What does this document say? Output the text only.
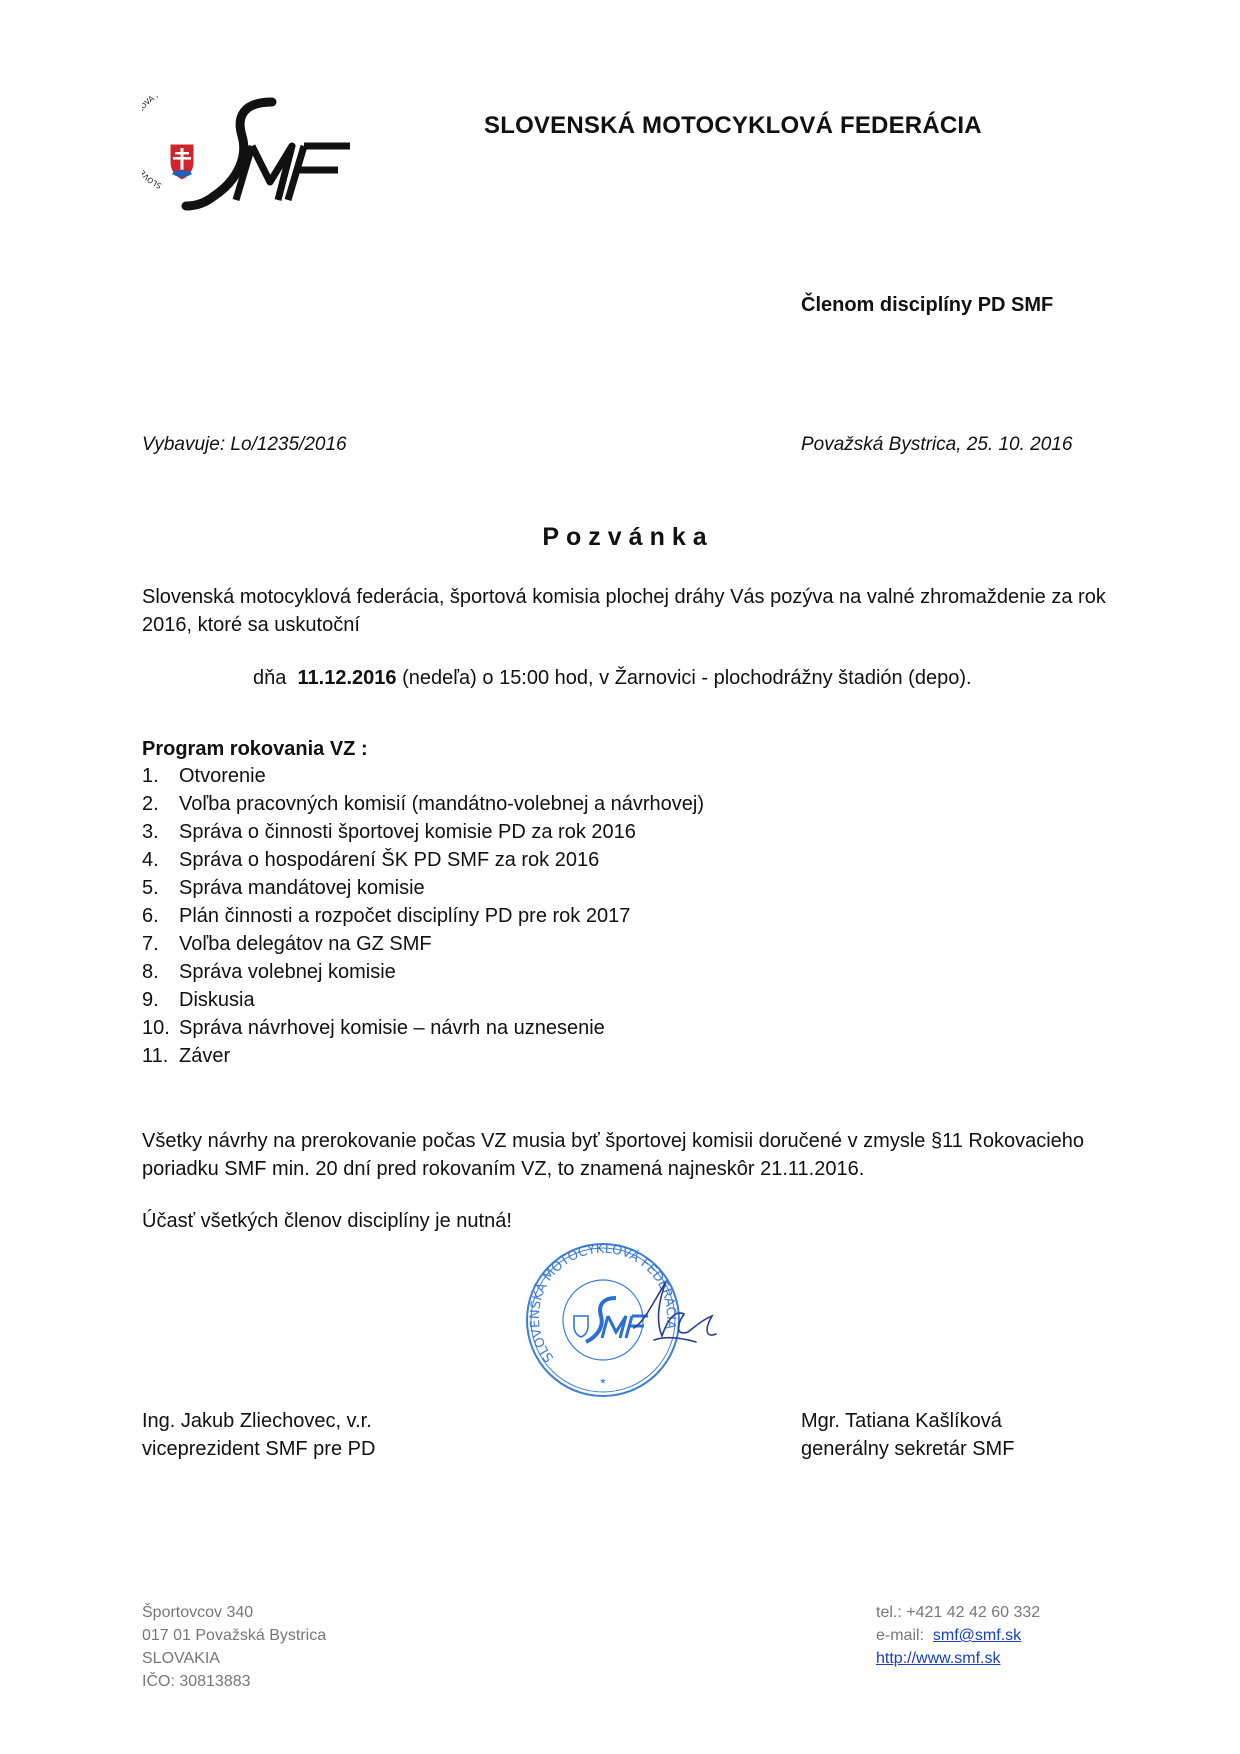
SLOV VÁ
SMF
SLOVENSKÁ MOTOCYKLOVÁ FEDERÁCIA
Členom disciplíny PD SMF
Vybavuje: Lo/1235/2016	Považská Bystrica, 25. 10. 2016
Pozvánka
Slovenská motocyklová federácia, športová komisia plochej dráhy Vás pozýva na valné zhromaždenie za rok 2016, ktoré sa uskutoční
dňa 11.12.2016 (nedeľa) o 15:00 hod, v Žarnovici - plochodrážny štadión (depo).
Program rokovania VZ :
1.	Otvorenie
2.	Voľba pracovných komisií (mandátno-volebnej a návrhovej)
3.	Správa o činnosti športovej komisie PD za rok 2016
4.	Správa o hospodárení ŠK PD SMF za rok 2016
5.	Správa mandátovej komisie
6.	Plán činnosti a rozpočet disciplíny PD pre rok 2017
7.	Voľba delegátov na GZ SMF
8.	Správa volebnej komisie
9.	Diskusia
10. Správa návrhovej komisie – návrh na uznesenie
11. Záver
Všetky návrhy na prerokovanie počas VZ musia byť športovej komisii doručené v zmysle §11 Rokovacieho poriadku SMF min. 20 dní pred rokovaním VZ, to znamená najneskôr 21.11.2016.
Účasť všetkých členov disciplíny je nutná!
SLOVENSKÁ MOTOCYKLOVÁ FEDERÁCIA
*
SMF
Ing. Jakub Zliechovec, v.r.
viceprezident SMF pre PD
Mgr. Tatiana Kašlíková
generálny sekretár SMF
Športovcov 340
017 01 Považská Bystrica
SLOVAKIA
IČO: 30813883
tel.: +421 42 42 60 332
e-mail: smf@smf.sk
http://www.smf.sk
